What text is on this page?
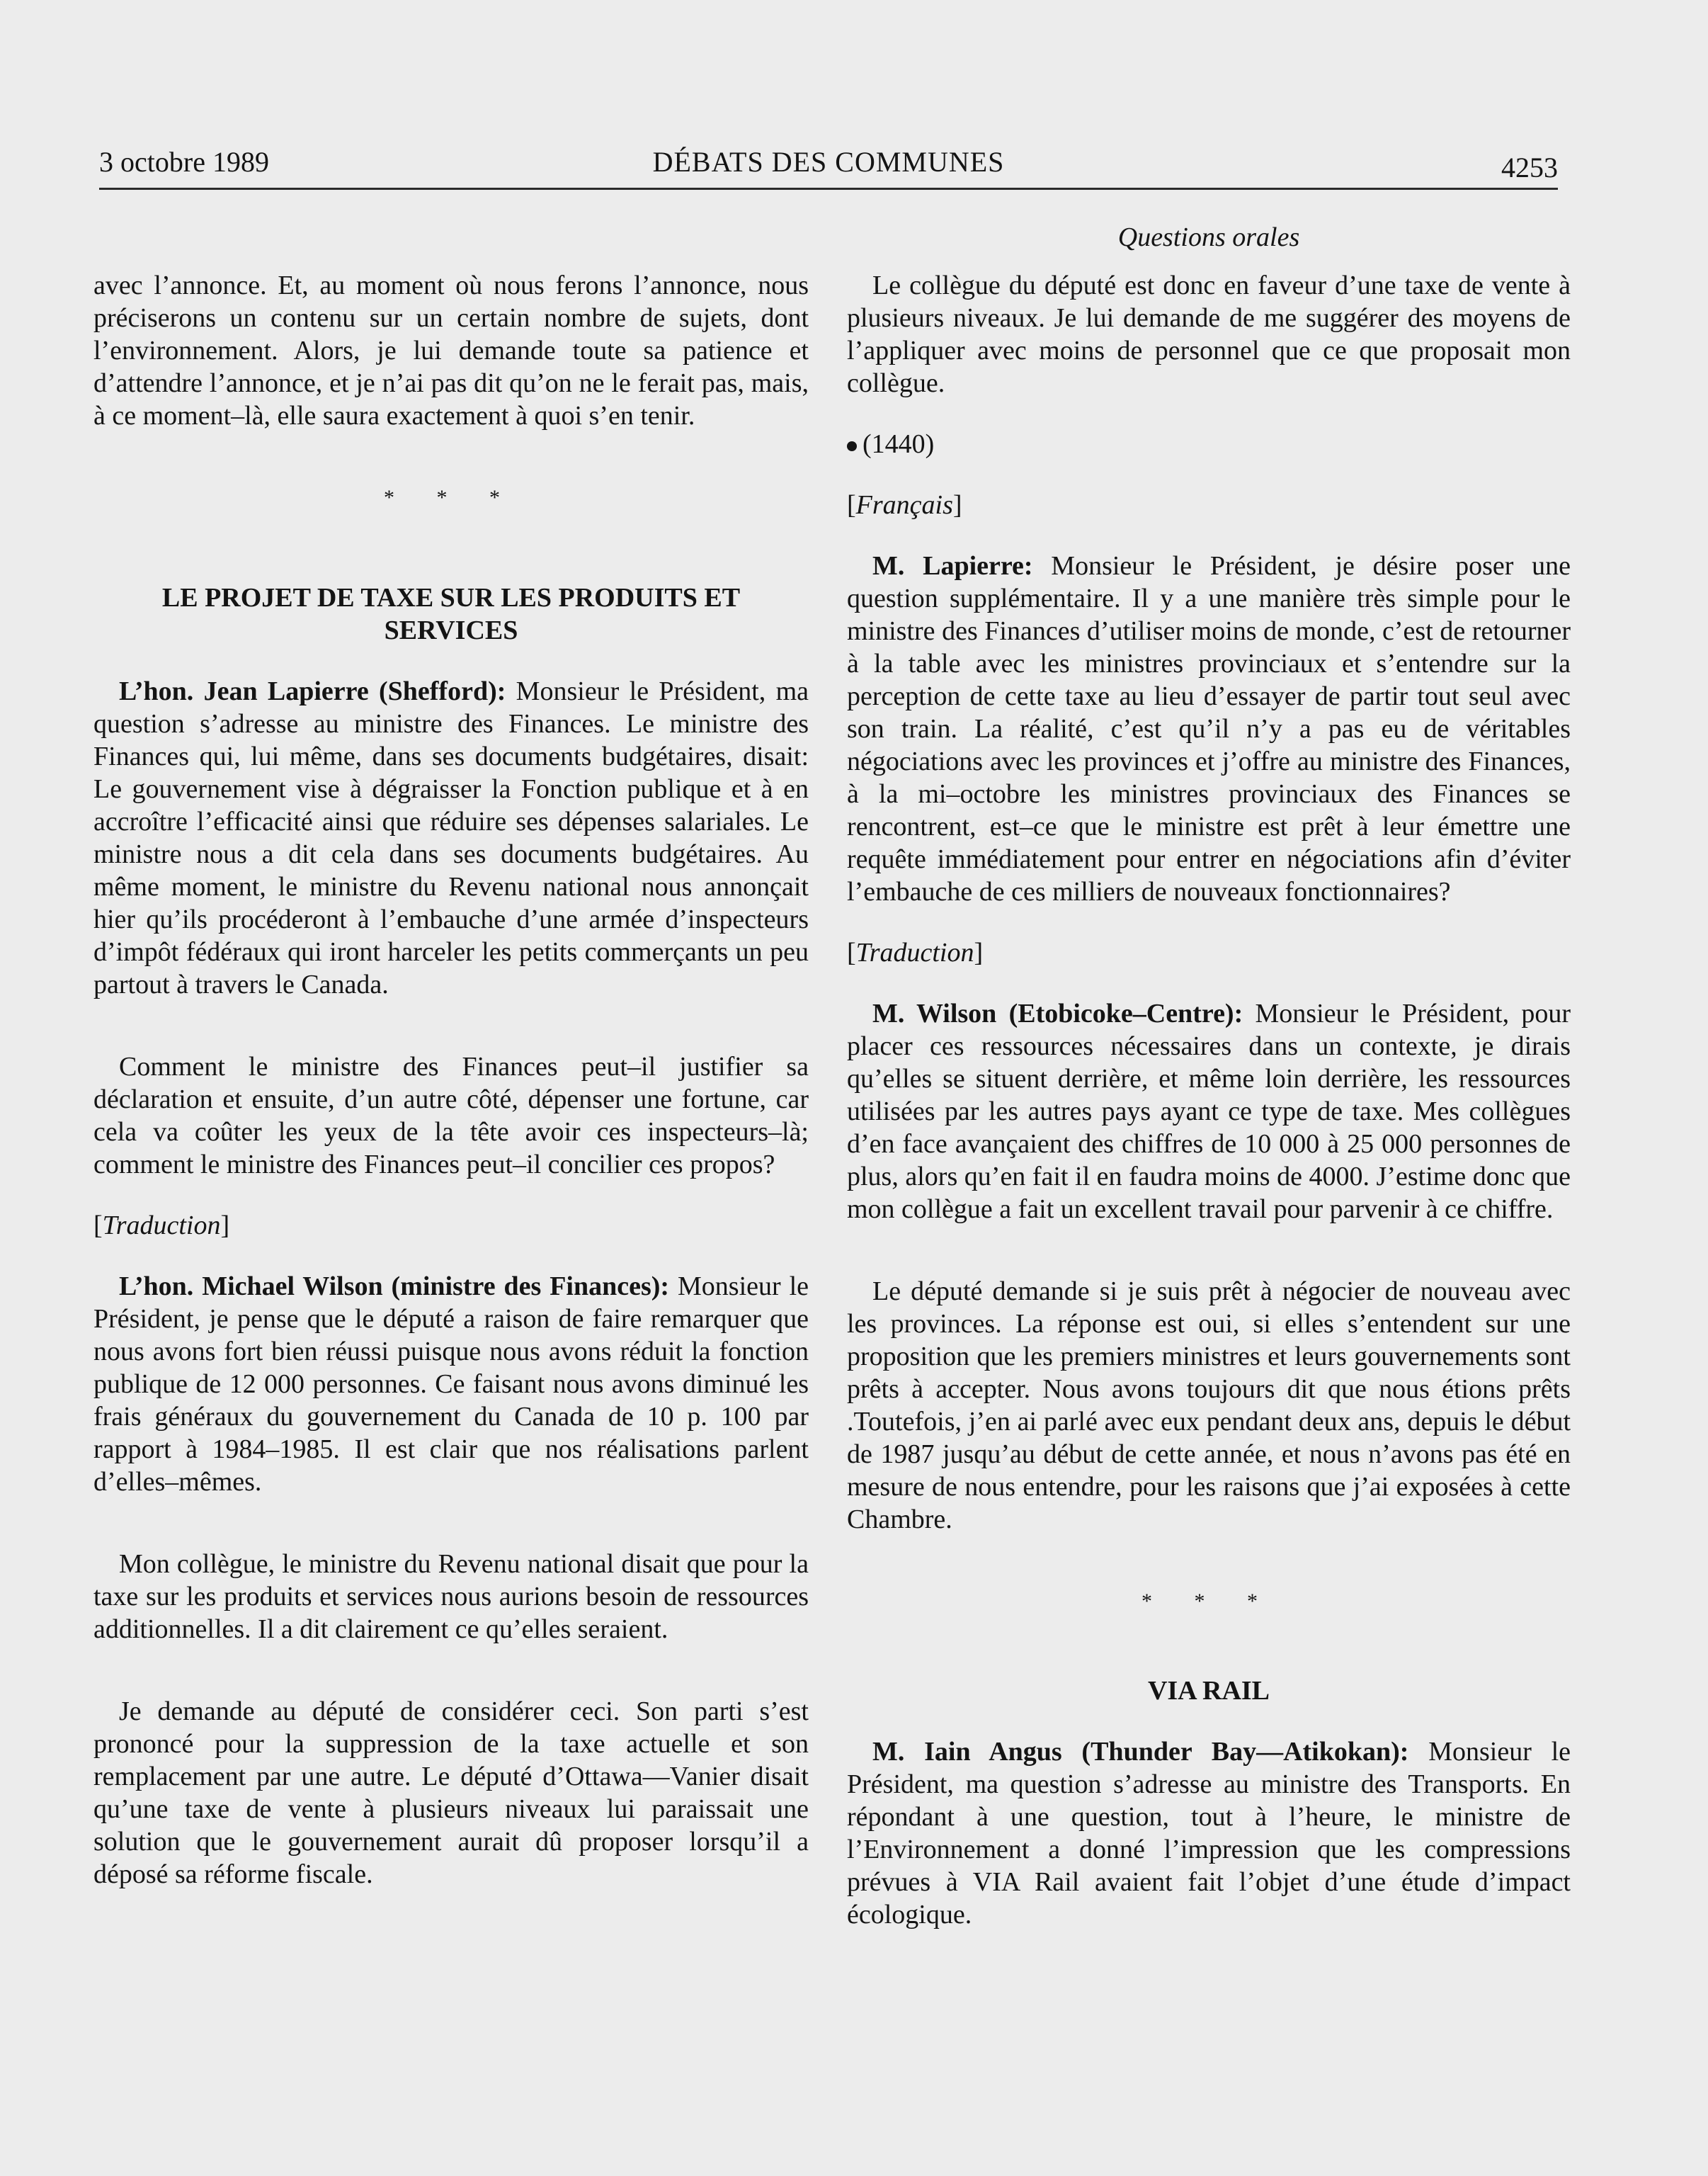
3 octobre 1989	DÉBATS DES COMMUNES	4253
Questions orales

avec l’annonce. Et, au moment où nous ferons l’annonce, nous préciserons un contenu sur un certain nombre de sujets, dont l’environnement. Alors, je lui demande toute sa patience et d’attendre l’annonce, et je n’ai pas dit qu’on ne le ferait pas, mais, à ce moment–là, elle saura exactement à quoi s’en tenir.

* * *
LE PROJET DE TAXE SUR LES PRODUITS ET SERVICES

L’hon. Jean Lapierre (Shefford): Monsieur le Président, ma question s’adresse au ministre des Finances. Le ministre des Finances qui, lui même, dans ses documents budgétaires, disait: Le gouvernement vise à dégraisser la Fonction publique et à en accroître l’efficacité ainsi que réduire ses dépenses salariales. Le ministre nous a dit cela dans ses documents budgétaires. Au même moment, le ministre du Revenu national nous annonçait hier qu’ils procéderont à l’embauche d’une armée d’inspecteurs d’impôt fédéraux qui iront harceler les petits commerçants un peu partout à travers le Canada.

Comment le ministre des Finances peut–il justifier sa déclaration et ensuite, d’un autre côté, dépenser une fortune, car cela va coûter les yeux de la tête avoir ces inspecteurs–là; comment le ministre des Finances peut–il concilier ces propos?

[Traduction]

L’hon. Michael Wilson (ministre des Finances): Monsieur le Président, je pense que le député a raison de faire remarquer que nous avons fort bien réussi puisque nous avons réduit la fonction publique de 12 000 personnes. Ce faisant nous avons diminué les frais généraux du gouvernement du Canada de 10 p. 100 par rapport à 1984–1985. Il est clair que nos réalisations parlent d’elles–mêmes.

Mon collègue, le ministre du Revenu national disait que pour la taxe sur les produits et services nous aurions besoin de ressources additionnelles. Il a dit clairement ce qu’elles seraient.

Je demande au député de considérer ceci. Son parti s’est prononcé pour la suppression de la taxe actuelle et son remplacement par une autre. Le député d’Ottawa—Vanier disait qu’une taxe de vente à plusieurs niveaux lui paraissait une solution que le gouvernement aurait dû proposer lorsqu’il a déposé sa réforme fiscale.

Le collègue du député est donc en faveur d’une taxe de vente à plusieurs niveaux. Je lui demande de me suggérer des moyens de l’appliquer avec moins de personnel que ce que proposait mon collègue.

(1440)

[Français]

M. Lapierre: Monsieur le Président, je désire poser une question supplémentaire. Il y a une manière très simple pour le ministre des Finances d’utiliser moins de monde, c’est de retourner à la table avec les ministres provinciaux et s’entendre sur la perception de cette taxe au lieu d’essayer de partir tout seul avec son train. La réalité, c’est qu’il n’y a pas eu de véritables négociations avec les provinces et j’offre au ministre des Finances, à la mi–octobre les ministres provinciaux des Finances se rencontrent, est–ce que le ministre est prêt à leur émettre une requête immédiatement pour entrer en négociations afin d’éviter l’embauche de ces milliers de nouveaux fonctionnaires?

[Traduction]

M. Wilson (Etobicoke–Centre): Monsieur le Président, pour placer ces ressources nécessaires dans un contexte, je dirais qu’elles se situent derrière, et même loin derrière, les ressources utilisées par les autres pays ayant ce type de taxe. Mes collègues d’en face avançaient des chiffres de 10 000 à 25 000 personnes de plus, alors qu’en fait il en faudra moins de 4000. J’estime donc que mon collègue a fait un excellent travail pour parvenir à ce chiffre.

Le député demande si je suis prêt à négocier de nouveau avec les provinces. La réponse est oui, si elles s’entendent sur une proposition que les premiers ministres et leurs gouvernements sont prêts à accepter. Nous avons toujours dit que nous étions prêts .Toutefois, j’en ai parlé avec eux pendant deux ans, depuis le début de 1987 jusqu’au début de cette année, et nous n’avons pas été en mesure de nous entendre, pour les raisons que j’ai exposées à cette Chambre.

* * *
VIA RAIL

M. Iain Angus (Thunder Bay—Atikokan): Monsieur le Président, ma question s’adresse au ministre des Transports. En répondant à une question, tout à l’heure, le ministre de l’Environnement a donné l’impression que les compressions prévues à VIA Rail avaient fait l’objet d’une étude d’impact écologique.
